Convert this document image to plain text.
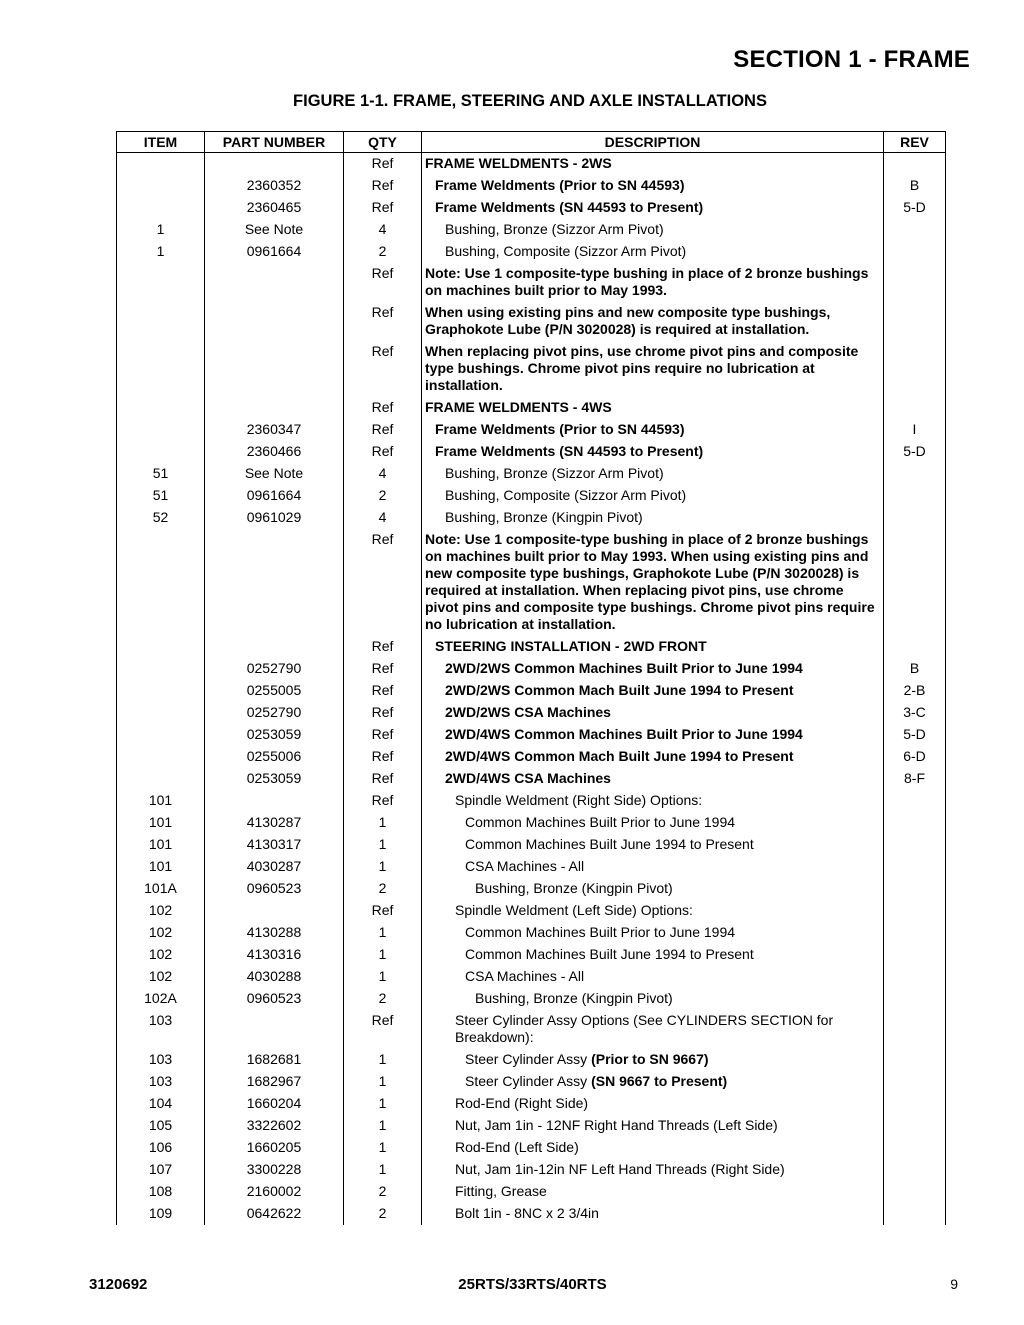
SECTION 1 - FRAME
FIGURE 1-1. FRAME, STEERING AND AXLE INSTALLATIONS
ITEM	PART NUMBER	QTY	DESCRIPTION	REV
		Ref	FRAME WELDMENTS - 2WS	
	2360352	Ref	Frame Weldments (Prior to SN 44593)	B
	2360465	Ref	Frame Weldments (SN 44593 to Present)	5-D
1	See Note	4	Bushing, Bronze (Sizzor Arm Pivot)	
1	0961664	2	Bushing, Composite (Sizzor Arm Pivot)	
		Ref	Note: Use 1 composite-type bushing in place of 2 bronze bushings on machines built prior to May 1993.	
		Ref	When using existing pins and new composite type bushings, Graphokote Lube (P/N 3020028) is required at installation.	
		Ref	When replacing pivot pins, use chrome pivot pins and composite type bushings. Chrome pivot pins require no lubrication at installation.	
		Ref	FRAME WELDMENTS - 4WS	
	2360347	Ref	Frame Weldments (Prior to SN 44593)	I
	2360466	Ref	Frame Weldments (SN 44593 to Present)	5-D
51	See Note	4	Bushing, Bronze (Sizzor Arm Pivot)	
51	0961664	2	Bushing, Composite (Sizzor Arm Pivot)	
52	0961029	4	Bushing, Bronze (Kingpin Pivot)	
		Ref	Note: Use 1 composite-type bushing in place of 2 bronze bushings on machines built prior to May 1993. When using existing pins and new composite type bushings, Graphokote Lube (P/N 3020028) is required at installation. When replacing pivot pins, use chrome pivot pins and composite type bushings. Chrome pivot pins require no lubrication at installation.	
		Ref	STEERING INSTALLATION - 2WD FRONT	
	0252790	Ref	2WD/2WS Common Machines Built Prior to June 1994	B
	0255005	Ref	2WD/2WS Common Mach Built June 1994 to Present	2-B
	0252790	Ref	2WD/2WS CSA Machines	3-C
	0253059	Ref	2WD/4WS Common Machines Built Prior to June 1994	5-D
	0255006	Ref	2WD/4WS Common Mach Built June 1994 to Present	6-D
	0253059	Ref	2WD/4WS CSA Machines	8-F
101		Ref	Spindle Weldment (Right Side) Options:	
101	4130287	1	Common Machines Built Prior to June 1994	
101	4130317	1	Common Machines Built June 1994 to Present	
101	4030287	1	CSA Machines - All	
101A	0960523	2	Bushing, Bronze (Kingpin Pivot)	
102		Ref	Spindle Weldment (Left Side) Options:	
102	4130288	1	Common Machines Built Prior to June 1994	
102	4130316	1	Common Machines Built June 1994 to Present	
102	4030288	1	CSA Machines - All	
102A	0960523	2	Bushing, Bronze (Kingpin Pivot)	
103		Ref	Steer Cylinder Assy Options (See CYLINDERS SECTION for Breakdown):	
103	1682681	1	Steer Cylinder Assy (Prior to SN 9667)	
103	1682967	1	Steer Cylinder Assy (SN 9667 to Present)	
104	1660204	1	Rod-End (Right Side)	
105	3322602	1	Nut, Jam 1in - 12NF Right Hand Threads (Left Side)	
106	1660205	1	Rod-End (Left Side)	
107	3300228	1	Nut, Jam 1in-12in NF Left Hand Threads (Right Side)	
108	2160002	2	Fitting, Grease	
109	0642622	2	Bolt 1in - 8NC x 2 3/4in	
3120692	25RTS/33RTS/40RTS	9
